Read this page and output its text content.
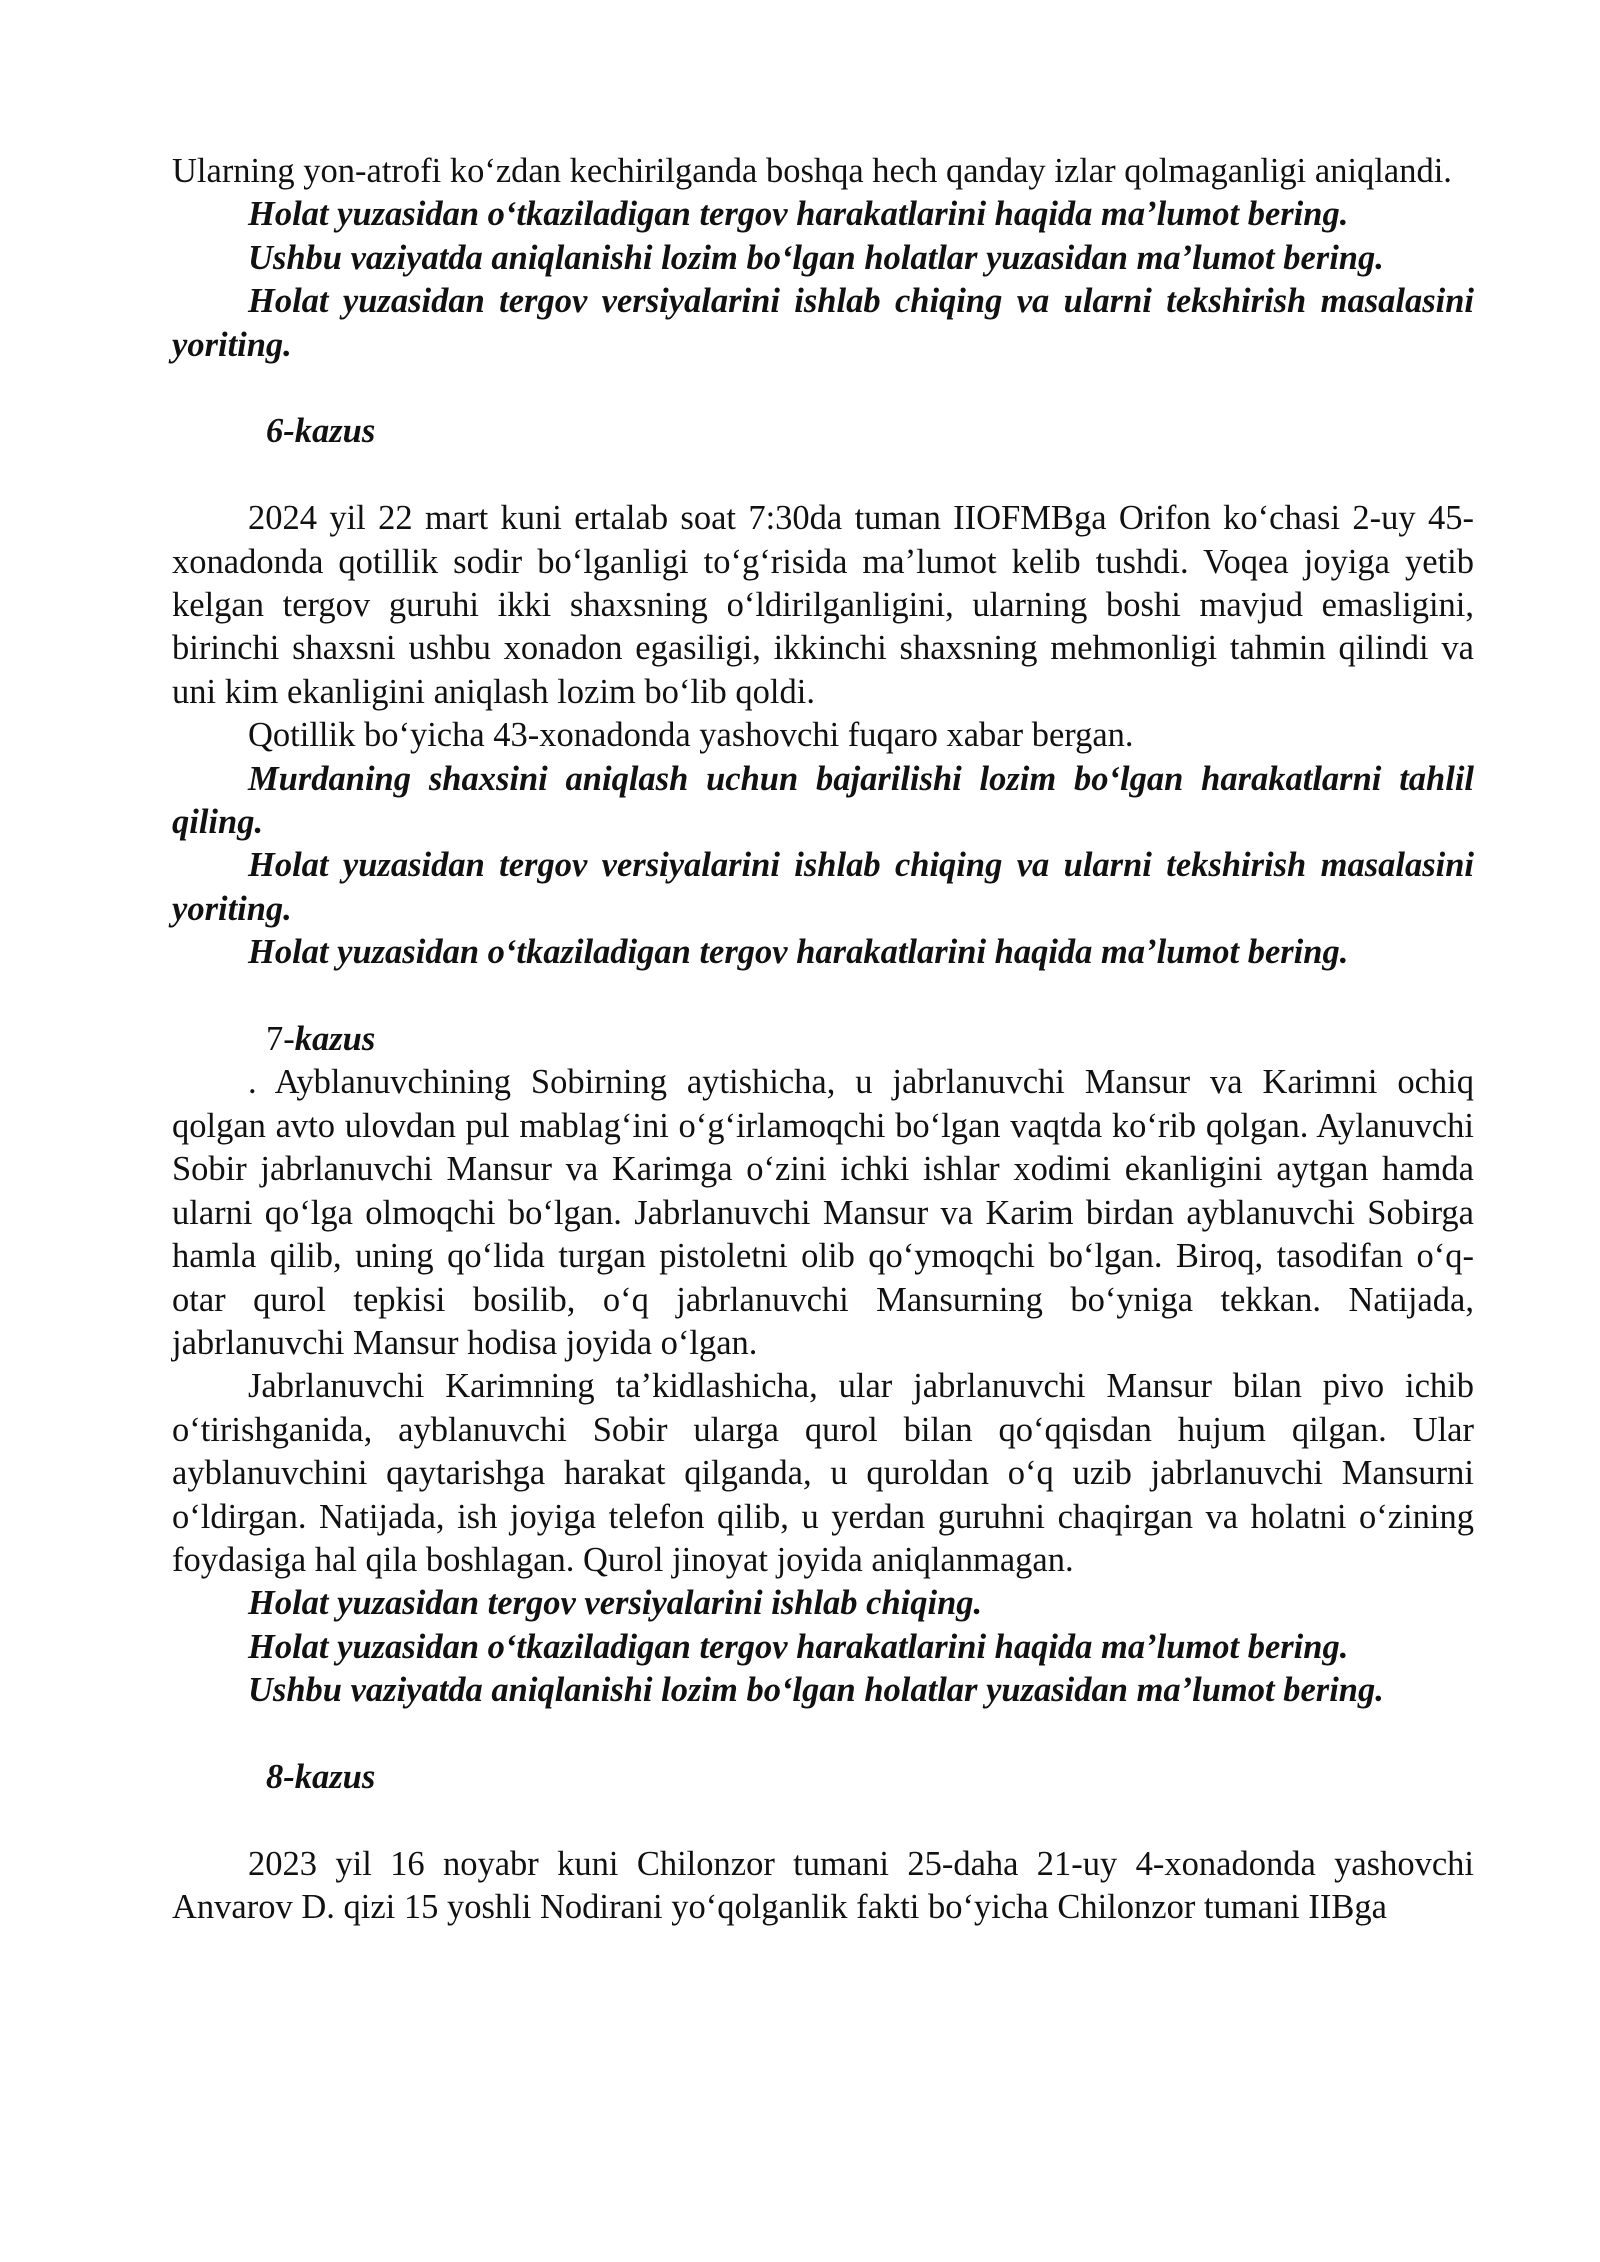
Ularning yon-atrofi koʻzdan kechirilganda boshqa hech qanday izlar qolmaganligi aniqlandi.

Holat yuzasidan oʻtkaziladigan tergov harakatlarini haqida maʼlumot bering.

Ushbu vaziyatda aniqlanishi lozim boʻlgan holatlar yuzasidan maʼlumot bering.

Holat yuzasidan tergov versiyalarini ishlab chiqing va ularni tekshirish masalasini yoriting.

6-kazus

2024 yil 22 mart kuni ertalab soat 7:30da tuman IIOFMBga Orifon koʻchasi 2-uy 45-xonadonda qotillik sodir boʻlganligi toʻgʻrisida maʼlumot kelib tushdi. Voqea joyiga yetib kelgan tergov guruhi ikki shaxsning oʻldirilganligini, ularning boshi mavjud emasligini, birinchi shaxsni ushbu xonadon egasiligi, ikkinchi shaxsning mehmonligi tahmin qilindi va uni kim ekanligini aniqlash lozim boʻlib qoldi.

Qotillik boʻyicha 43-xonadonda yashovchi fuqaro xabar bergan.

Murdaning shaxsini aniqlash uchun bajarilishi lozim boʻlgan harakatlarni tahlil qiling.

Holat yuzasidan tergov versiyalarini ishlab chiqing va ularni tekshirish masalasini yoriting.

Holat yuzasidan oʻtkaziladigan tergov harakatlarini haqida maʼlumot bering.

7-kazus

. Ayblanuvchining Sobirning aytishicha, u jabrlanuvchi Mansur va Karimni ochiq qolgan avto ulovdan pul mablagʻini oʻgʻirlamoqchi boʻlgan vaqtda koʻrib qolgan. Aylanuvchi Sobir jabrlanuvchi Mansur va Karimga oʻzini ichki ishlar xodimi ekanligini aytgan hamda ularni qoʻlga olmoqchi boʻlgan. Jabrlanuvchi Mansur va Karim birdan ayblanuvchi Sobirga hamla qilib, uning qoʻlida turgan pistoletni olib qoʻymoqchi boʻlgan. Biroq, tasodifan oʻq-otar qurol tepkisi bosilib, oʻq jabrlanuvchi Mansurning boʻyniga tekkan. Natijada, jabrlanuvchi Mansur hodisa joyida oʻlgan.

Jabrlanuvchi Karimning taʼkidlashicha, ular jabrlanuvchi Mansur bilan pivo ichib oʻtirishganida, ayblanuvchi Sobir ularga qurol bilan qoʻqqisdan hujum qilgan. Ular ayblanuvchini qaytarishga harakat qilganda, u quroldan oʻq uzib jabrlanuvchi Mansurni oʻldirgan. Natijada, ish joyiga telefon qilib, u yerdan guruhni chaqirgan va holatni oʻzining foydasiga hal qila boshlagan. Qurol jinoyat joyida aniqlanmagan.

Holat yuzasidan tergov versiyalarini ishlab chiqing.

Holat yuzasidan oʻtkaziladigan tergov harakatlarini haqida maʼlumot bering.

Ushbu vaziyatda aniqlanishi lozim boʻlgan holatlar yuzasidan maʼlumot bering.

8-kazus

2023 yil 16 noyabr kuni Chilonzor tumani 25-daha 21-uy 4-xonadonda yashovchi Anvarov D. qizi 15 yoshli Nodirani yoʻqolganlik fakti boʻyicha Chilonzor tumani IIBga
